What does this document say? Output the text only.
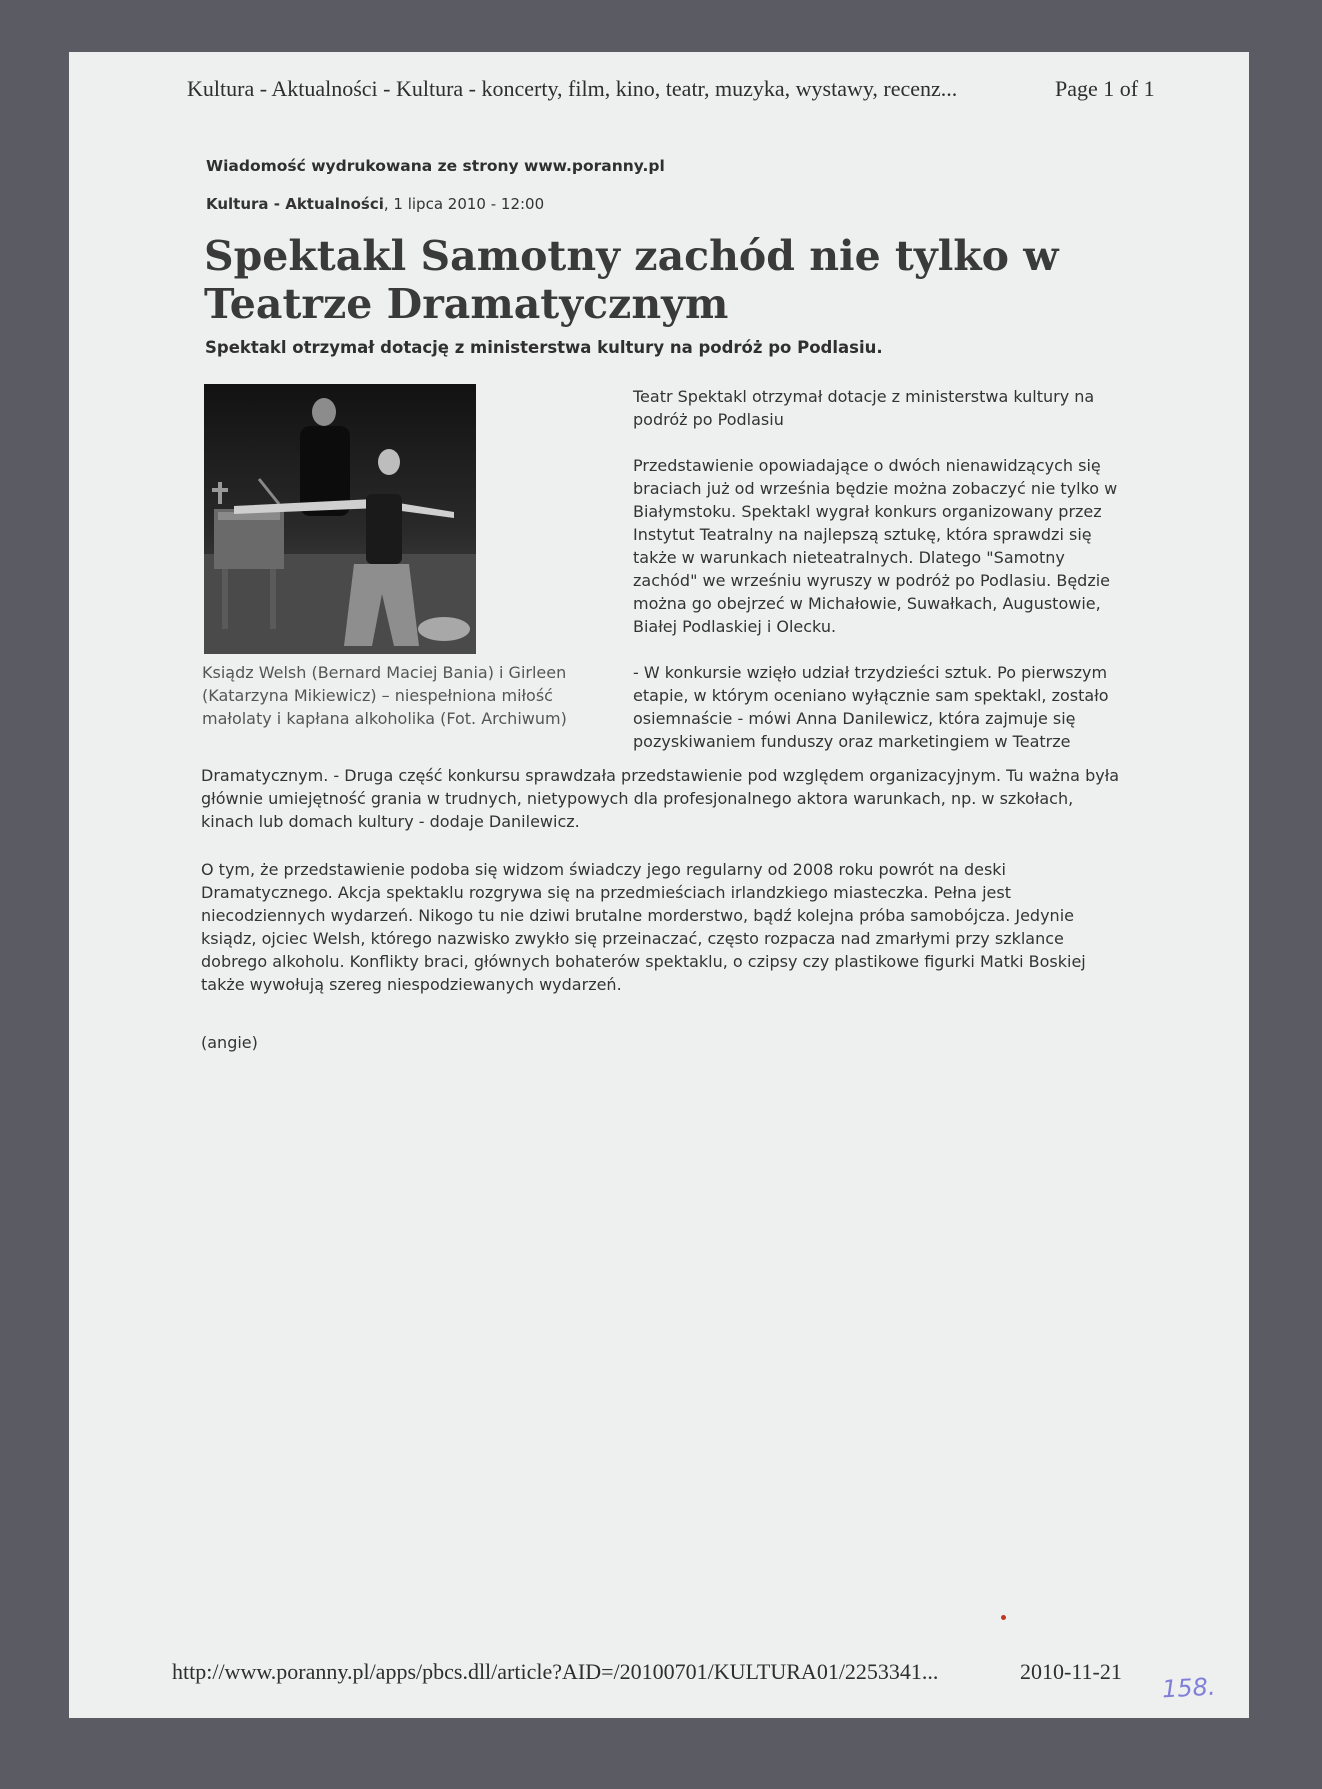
Kultura - Aktualności - Kultura - koncerty, film, kino, teatr, muzyka, wystawy, recenz...	Page 1 of 1
Wiadomość wydrukowana ze strony www.poranny.pl
Kultura - Aktualności, 1 lipca 2010 - 12:00
Spektakl Samotny zachód nie tylko w Teatrze Dramatycznym
Spektakl otrzymał dotację z ministerstwa kultury na podróż po Podlasiu.
Ksiądz Welsh (Bernard Maciej Bania) i Girleen (Katarzyna Mikiewicz) – niespełniona miłość małolaty i kapłana alkoholika (Fot. Archiwum)

Teatr Spektakl otrzymał dotacje z ministerstwa kultury na podróż po Podlasiu

Przedstawienie opowiadające o dwóch nienawidzących się braciach już od września będzie można zobaczyć nie tylko w Białymstoku. Spektakl wygrał konkurs organizowany przez Instytut Teatralny na najlepszą sztukę, która sprawdzi się także w warunkach nieteatralnych. Dlatego "Samotny zachód" we wrześniu wyruszy w podróż po Podlasiu. Będzie można go obejrzeć w Michałowie, Suwałkach, Augustowie, Białej Podlaskiej i Olecku.

- W konkursie wzięło udział trzydzieści sztuk. Po pierwszym etapie, w którym oceniano wyłącznie sam spektakl, zostało osiemnaście - mówi Anna Danilewicz, która zajmuje się pozyskiwaniem funduszy oraz marketingiem w Teatrze

Dramatycznym. - Druga część konkursu sprawdzała przedstawienie pod względem organizacyjnym. Tu ważna była głównie umiejętność grania w trudnych, nietypowych dla profesjonalnego aktora warunkach, np. w szkołach, kinach lub domach kultury - dodaje Danilewicz.

O tym, że przedstawienie podoba się widzom świadczy jego regularny od 2008 roku powrót na deski Dramatycznego. Akcja spektaklu rozgrywa się na przedmieściach irlandzkiego miasteczka. Pełna jest niecodziennych wydarzeń. Nikogo tu nie dziwi brutalne morderstwo, bądź kolejna próba samobójcza. Jedynie ksiądz, ojciec Welsh, którego nazwisko zwykło się przeinaczać, często rozpacza nad zmarłymi przy szklance dobrego alkoholu. Konflikty braci, głównych bohaterów spektaklu, o czipsy czy plastikowe figurki Matki Boskiej także wywołują szereg niespodziewanych wydarzeń.

(angie)

http://www.poranny.pl/apps/pbcs.dll/article?AID=/20100701/KULTURA01/2253341...	2010-11-21
158.
